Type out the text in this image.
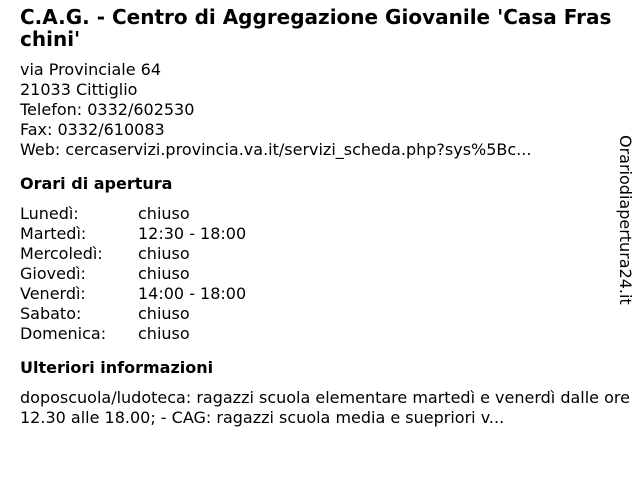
C.A.G. - Centro di Aggregazione Giovanile 'Casa Fraschini'
via Provinciale 64
21033 Cittiglio
Telefon: 0332/602530
Fax: 0332/610083
Web: cercaservizi.provincia.va.it/servizi_scheda.php?sys%5Bc...
Orari di apertura
Lunedì:	chiuso
Martedì:	12:30 - 18:00
Mercoledì:	chiuso
Giovedì:	chiuso
Venerdì:	14:00 - 18:00
Sabato:	chiuso
Domenica:	chiuso
Ulteriori informazioni
doposcuola/ludoteca: ragazzi scuola elementare martedì e venerdì dalle ore 12.30 alle 18.00; - CAG: ragazzi scuola media e suepriori v...
Orariodiapertura24.it
